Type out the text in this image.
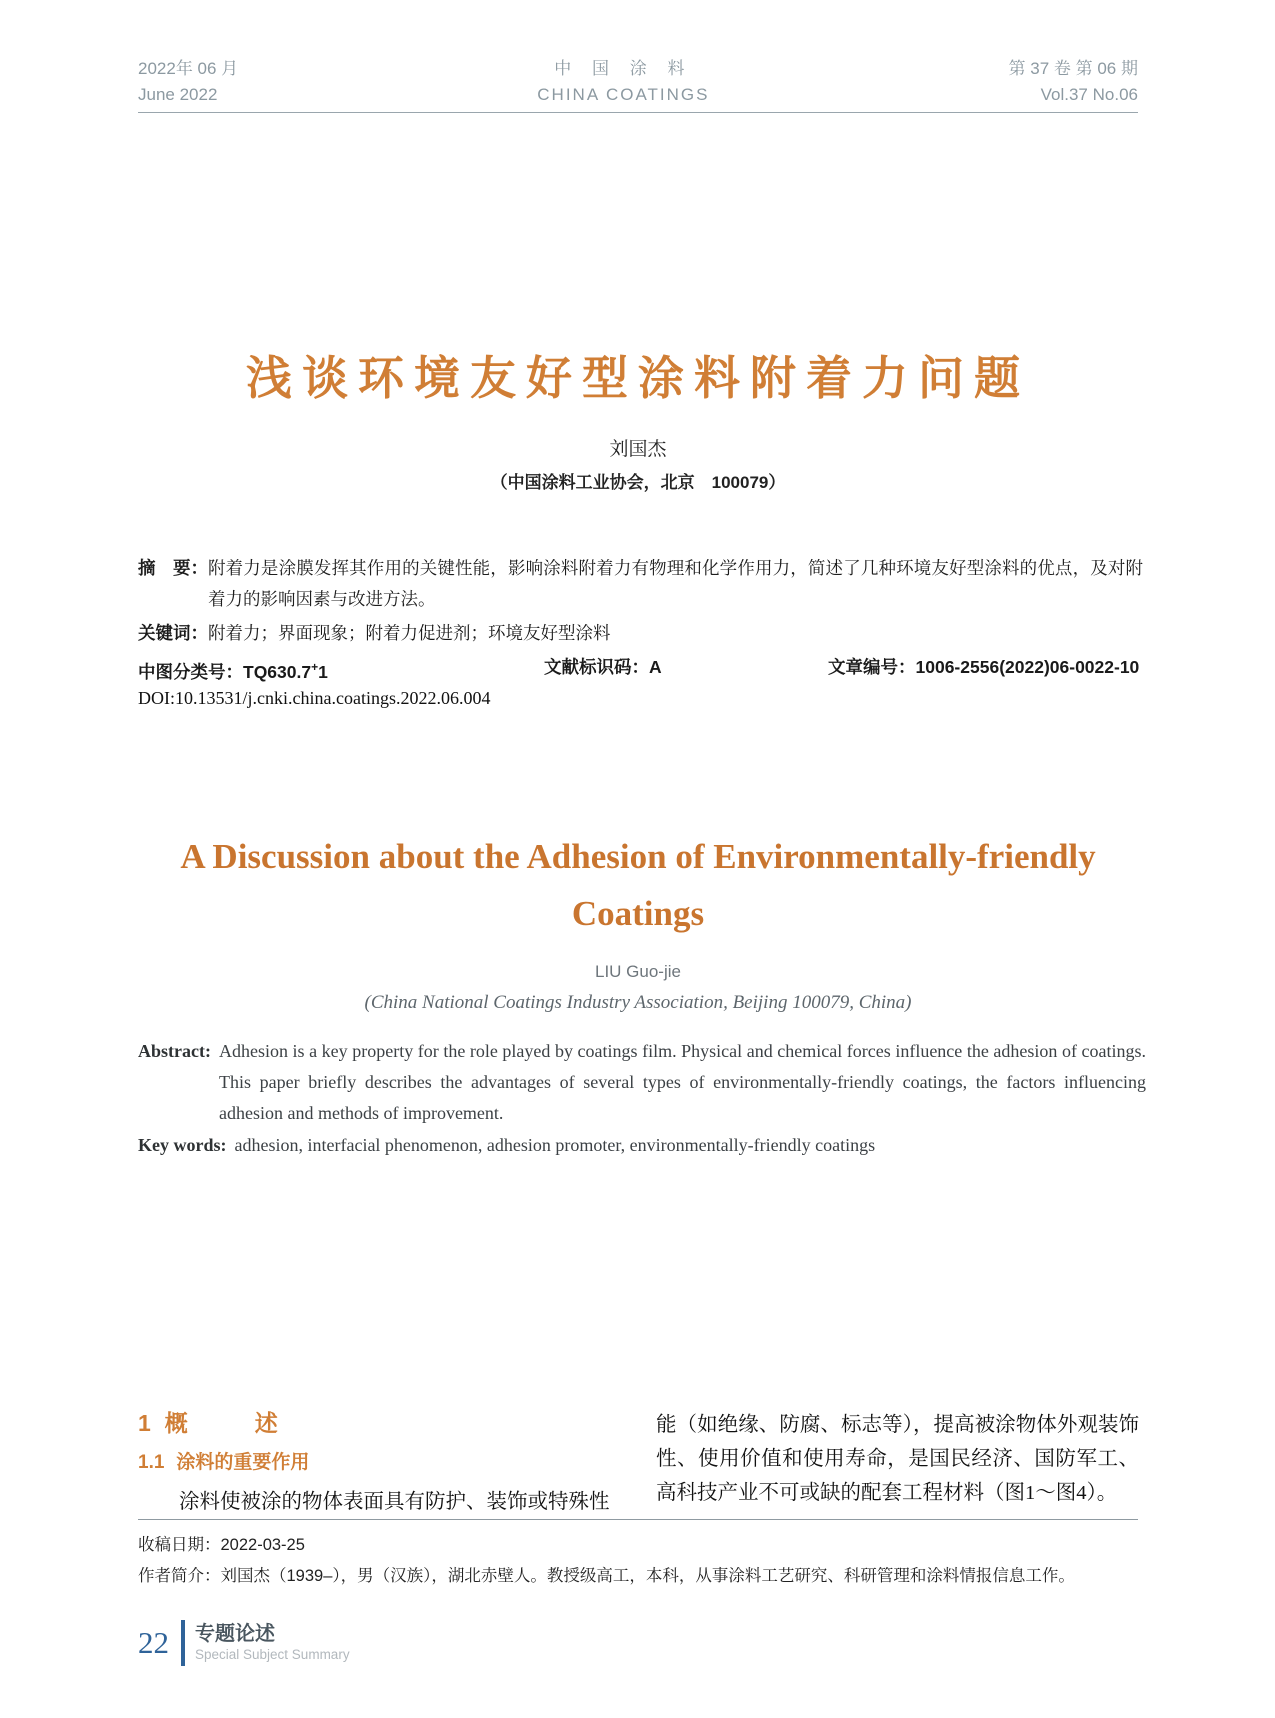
2022年 06 月
June 2022
中 国 涂 料
CHINA COATINGS
第 37 卷 第 06 期
Vol.37 No.06
浅谈环境友好型涂料附着力问题
刘国杰
（中国涂料工业协会，北京　100079）
摘　要： 附着力是涂膜发挥其作用的关键性能，影响涂料附着力有物理和化学作用力，简述了几种环境友好型涂料的优点，及对附着力的影响因素与改进方法。
关键词： 附着力；界面现象；附着力促进剂；环境友好型涂料
中图分类号：TQ630.7+1	文献标识码：A	文章编号：1006-2556(2022)06-0022-10
DOI:10.13531/j.cnki.china.coatings.2022.06.004
A Discussion about the Adhesion of Environmentally-friendly Coatings
LIU Guo-jie
(China National Coatings Industry Association, Beijing 100079, China)
Abstract: Adhesion is a key property for the role played by coatings film. Physical and chemical forces influence the adhesion of coatings. This paper briefly describes the advantages of several types of environmentally-friendly coatings, the factors influencing adhesion and methods of improvement.
Key words: adhesion, interfacial phenomenon, adhesion promoter, environmentally-friendly coatings
1 概　述
1.1 涂料的重要作用

涂料使被涂的物体表面具有防护、装饰或特殊性

能（如绝缘、防腐、标志等），提高被涂物体外观装饰性、使用价值和使用寿命，是国民经济、国防军工、高科技产业不可或缺的配套工程材料（图1～图4）。

收稿日期：2022-03-25
作者简介：刘国杰（1939–），男（汉族），湖北赤壁人。教授级高工，本科，从事涂料工艺研究、科研管理和涂料情报信息工作。
22 专题论述
Special Subject Summary
